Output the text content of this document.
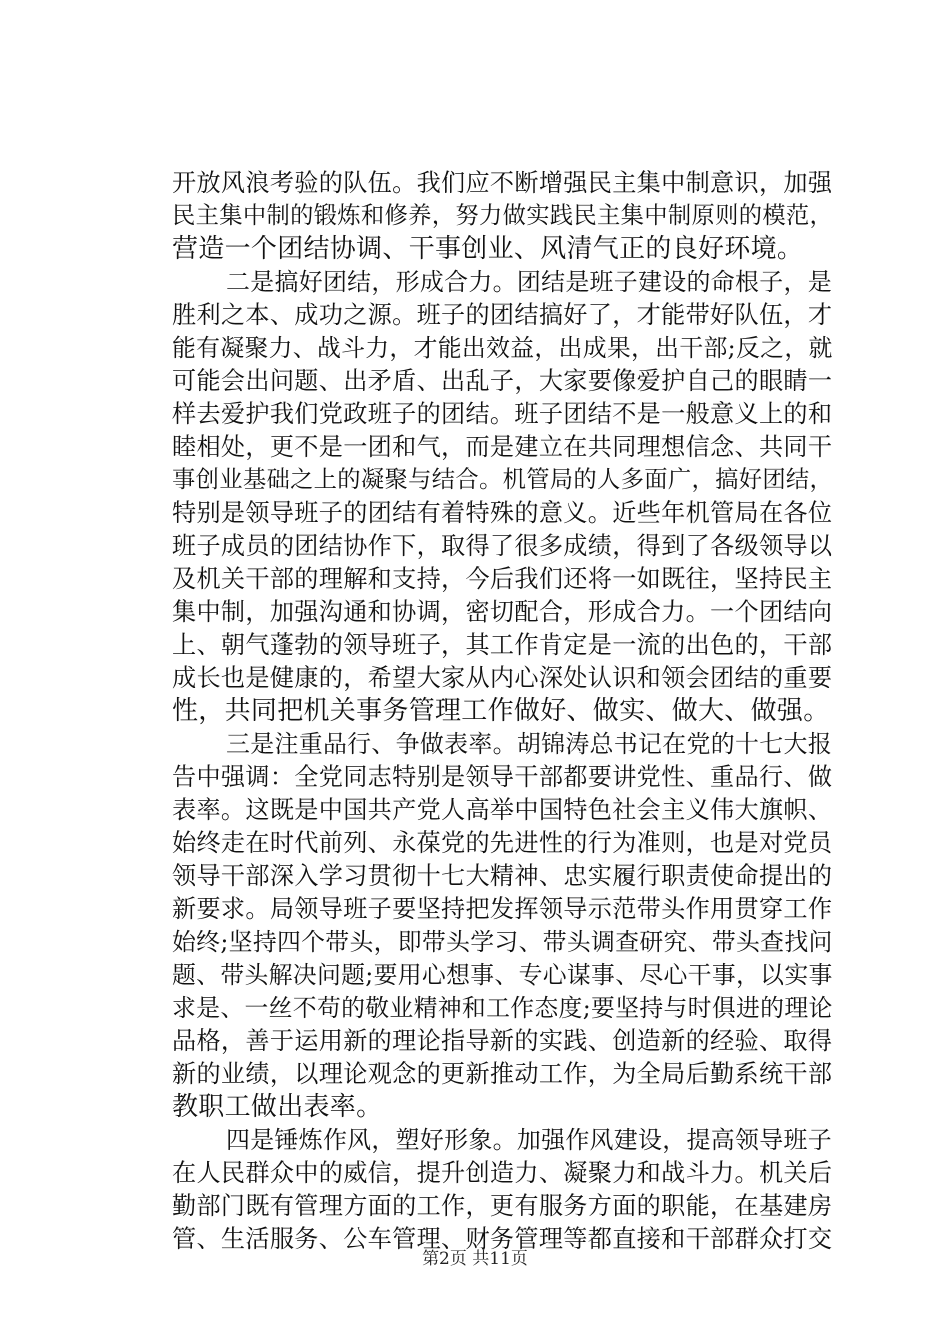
开放风浪考验的队伍。我们应不断增强民主集中制意识，加强
民主集中制的锻炼和修养，努力做实践民主集中制原则的模范，
营造一个团结协调、干事创业、风清气正的良好环境。
二是搞好团结，形成合力。团结是班子建设的命根子，是
胜利之本、成功之源。班子的团结搞好了，才能带好队伍，才
能有凝聚力、战斗力，才能出效益，出成果，出干部;反之，就
可能会出问题、出矛盾、出乱子，大家要像爱护自己的眼睛一
样去爱护我们党政班子的团结。班子团结不是一般意义上的和
睦相处，更不是一团和气，而是建立在共同理想信念、共同干
事创业基础之上的凝聚与结合。机管局的人多面广，搞好团结，
特别是领导班子的团结有着特殊的意义。近些年机管局在各位
班子成员的团结协作下，取得了很多成绩，得到了各级领导以
及机关干部的理解和支持，今后我们还将一如既往，坚持民主
集中制，加强沟通和协调，密切配合，形成合力。一个团结向
上、朝气蓬勃的领导班子，其工作肯定是一流的出色的，干部
成长也是健康的，希望大家从内心深处认识和领会团结的重要
性，共同把机关事务管理工作做好、做实、做大、做强。
三是注重品行、争做表率。胡锦涛总书记在党的十七大报
告中强调：全党同志特别是领导干部都要讲党性、重品行、做
表率。这既是中国共产党人高举中国特色社会主义伟大旗帜、
始终走在时代前列、永葆党的先进性的行为准则，也是对党员
领导干部深入学习贯彻十七大精神、忠实履行职责使命提出的
新要求。局领导班子要坚持把发挥领导示范带头作用贯穿工作
始终;坚持四个带头，即带头学习、带头调查研究、带头查找问
题、带头解决问题;要用心想事、专心谋事、尽心干事，以实事
求是、一丝不苟的敬业精神和工作态度;要坚持与时俱进的理论
品格，善于运用新的理论指导新的实践、创造新的经验、取得
新的业绩，以理论观念的更新推动工作，为全局后勤系统干部
教职工做出表率。
四是锤炼作风，塑好形象。加强作风建设，提高领导班子
在人民群众中的威信，提升创造力、凝聚力和战斗力。机关后
勤部门既有管理方面的工作，更有服务方面的职能，在基建房
管、生活服务、公车管理、财务管理等都直接和干部群众打交
第2页 共11页
